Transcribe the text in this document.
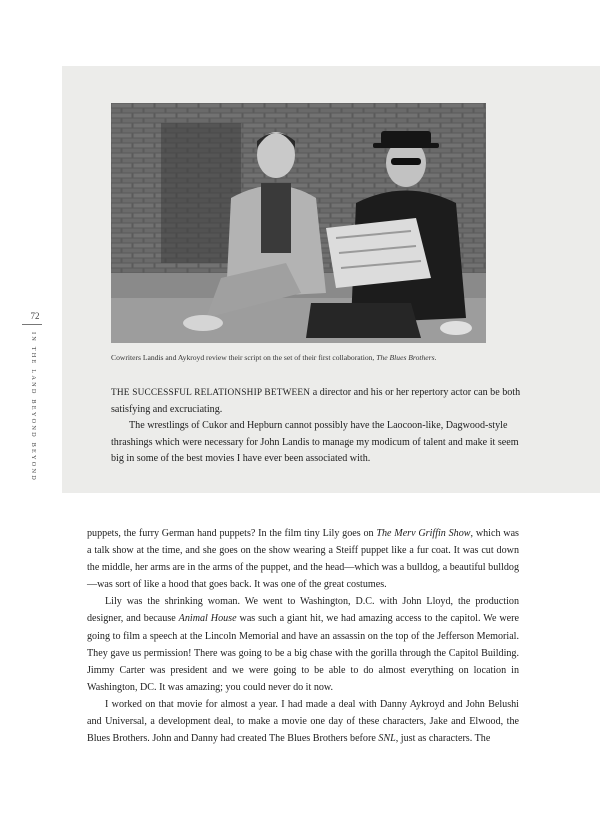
72
IN THE LAND BEYOND BEYOND	Cowriters Landis and Aykroyd review their script on the set of their first collaboration, The Blues Brothers.

THE SUCCESSFUL RELATIONSHIP BETWEEN a director and his or her repertory actor can be both satisfying and excruciating.

The wrestlings of Cukor and Hepburn cannot possibly have the Laocoon-like, Dagwood-style thrashings which were necessary for John Landis to manage my modicum of talent and make it seem big in some of the best movies I have ever been associated with.

puppets, the furry German hand puppets? In the film tiny Lily goes on The Merv Griffin Show, which was a talk show at the time, and she goes on the show wearing a Steiff puppet like a fur coat. It was cut down the middle, her arms are in the arms of the puppet, and the head—which was a bulldog, a beautiful bulldog—was sort of like a hood that goes back. It was one of the great costumes.

Lily was the shrinking woman. We went to Washington, D.C. with John Lloyd, the production designer, and because Animal House was such a giant hit, we had amazing access to the capitol. We were going to film a speech at the Lincoln Memorial and have an assassin on the top of the Jefferson Memorial. They gave us permission! There was going to be a big chase with the gorilla through the Capitol Building. Jimmy Carter was president and we were going to be able to do almost everything on location in Washington, DC. It was amazing; you could never do it now.

I worked on that movie for almost a year. I had made a deal with Danny Aykroyd and John Belushi and Universal, a development deal, to make a movie one day of these characters, Jake and Elwood, the Blues Brothers. John and Danny had created The Blues Brothers before SNL, just as characters. The
